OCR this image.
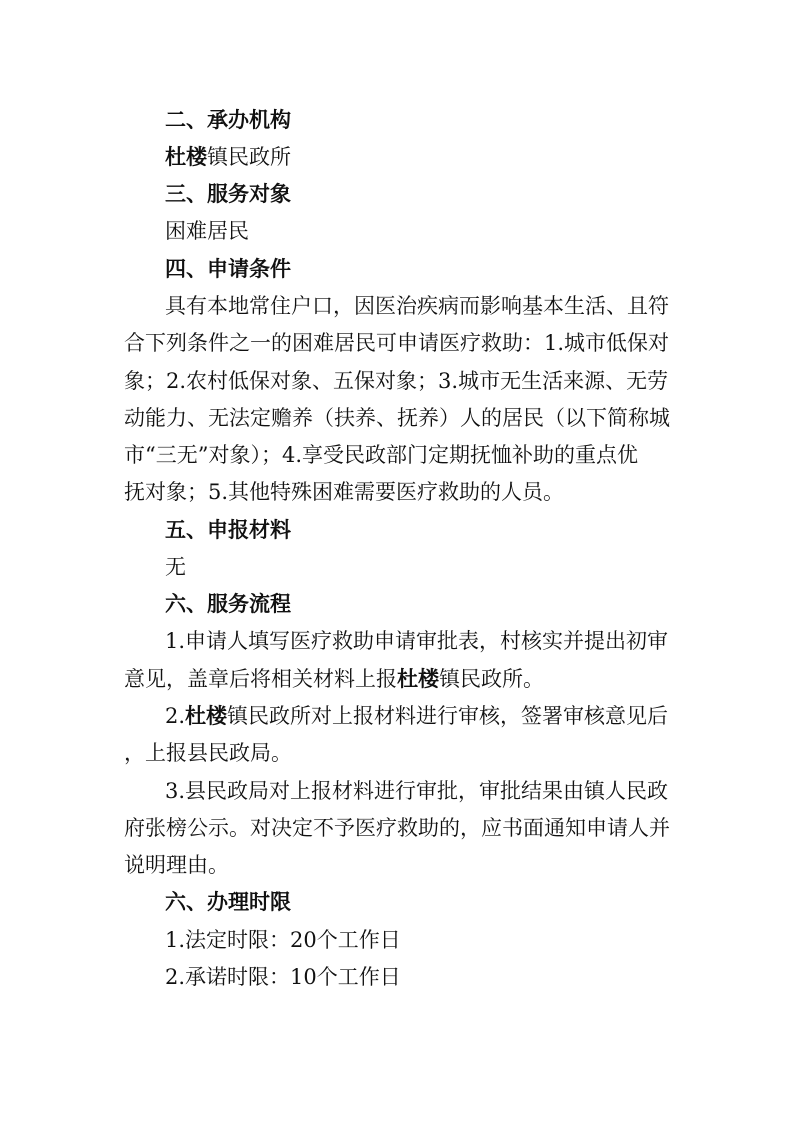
二、承办机构
杜楼镇民政所
三、服务对象
困难居民
四、申请条件
具有本地常住户口，因医治疾病而影响基本生活、且符
合下列条件之一的困难居民可申请医疗救助：1.城市低保对
象；2.农村低保对象、五保对象；3.城市无生活来源、无劳
动能力、无法定赡养（扶养、抚养）人的居民（以下简称城
市“三无”对象）；4.享受民政部门定期抚恤补助的重点优
抚对象；5.其他特殊困难需要医疗救助的人员。
五、申报材料
无
六、服务流程
1.申请人填写医疗救助申请审批表，村核实并提出初审
意见，盖章后将相关材料上报杜楼镇民政所。
2.杜楼镇民政所对上报材料进行审核，签署审核意见后
，上报县民政局。
3.县民政局对上报材料进行审批，审批结果由镇人民政
府张榜公示。对决定不予医疗救助的，应书面通知申请人并
说明理由。
六、办理时限
1.法定时限：20个工作日
2.承诺时限：10个工作日
